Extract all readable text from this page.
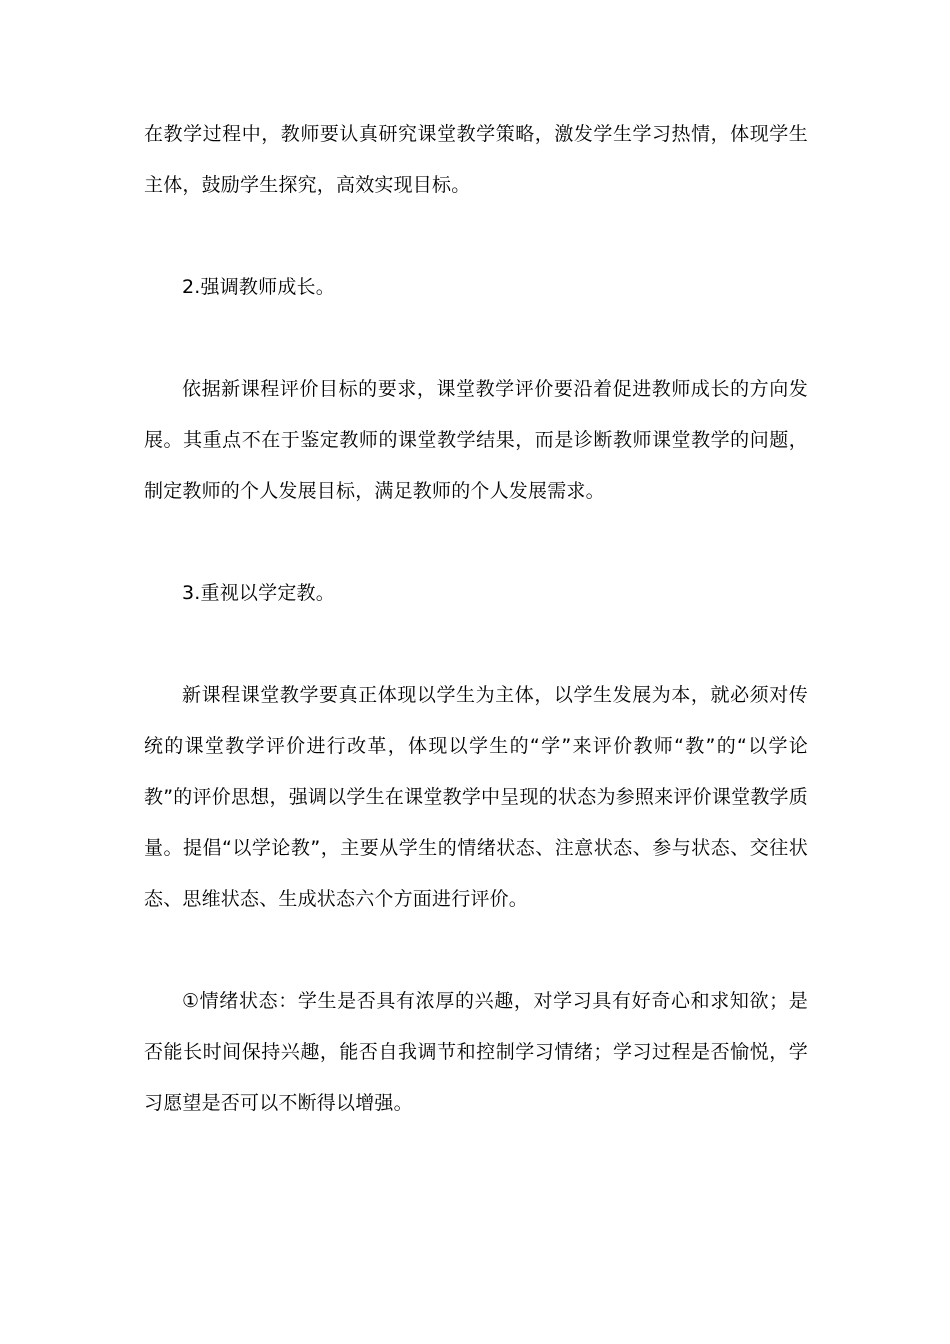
在教学过程中，教师要认真研究课堂教学策略，激发学生学习热情，体现学生主体，鼓励学生探究，高效实现目标。

2.强调教师成长。

依据新课程评价目标的要求，课堂教学评价要沿着促进教师成长的方向发展。其重点不在于鉴定教师的课堂教学结果，而是诊断教师课堂教学的问题，制定教师的个人发展目标，满足教师的个人发展需求。

3.重视以学定教。

新课程课堂教学要真正体现以学生为主体，以学生发展为本，就必须对传统的课堂教学评价进行改革，体现以学生的“学”来评价教师“教”的“以学论教”的评价思想，强调以学生在课堂教学中呈现的状态为参照来评价课堂教学质量。提倡“以学论教”，主要从学生的情绪状态、注意状态、参与状态、交往状态、思维状态、生成状态六个方面进行评价。

①情绪状态：学生是否具有浓厚的兴趣，对学习具有好奇心和求知欲；是否能长时间保持兴趣，能否自我调节和控制学习情绪；学习过程是否愉悦，学习愿望是否可以不断得以增强。
